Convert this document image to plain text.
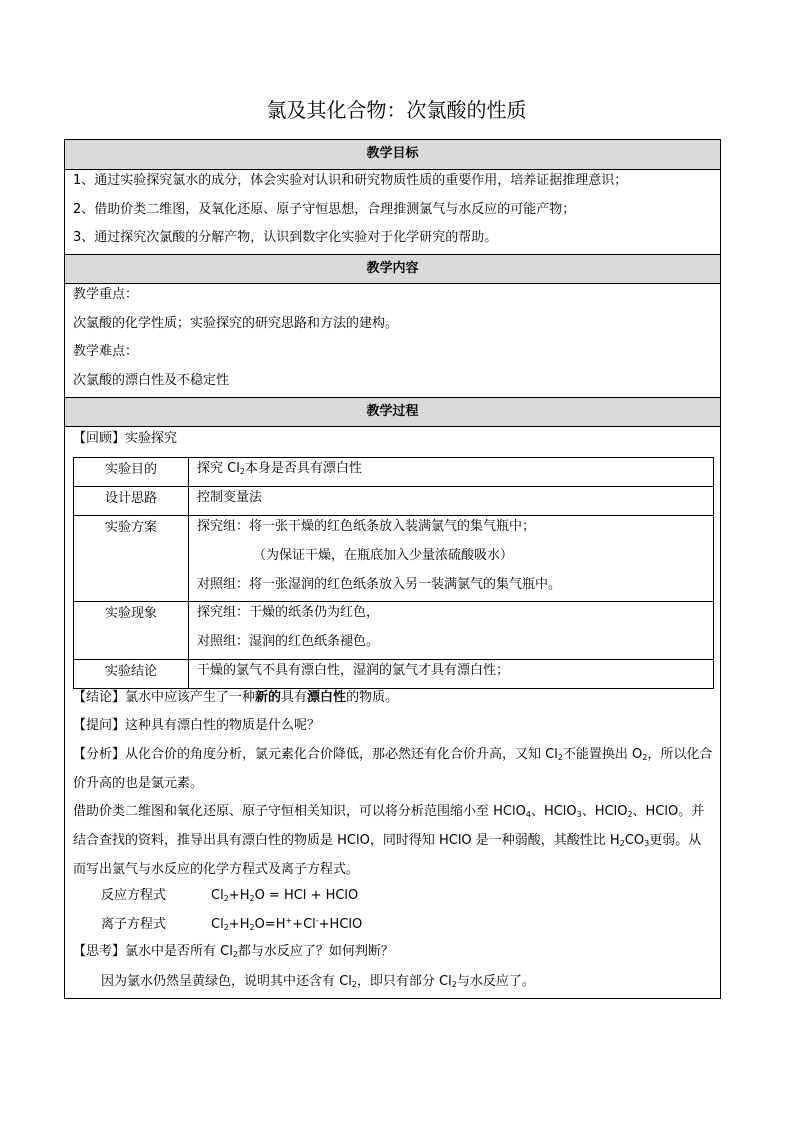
氯及其化合物：次氯酸的性质
教学目标
1、通过实验探究氯水的成分，体会实验对认识和研究物质性质的重要作用，培养证据推理意识；
2、借助价类二维图，及氧化还原、原子守恒思想，合理推测氯气与水反应的可能产物；
3、通过探究次氯酸的分解产物，认识到数字化实验对于化学研究的帮助。
教学内容
教学重点：
次氯酸的化学性质；实验探究的研究思路和方法的建构。
教学难点：
次氯酸的漂白性及不稳定性
教学过程
【回顾】实验探究
实验目的	探究 $Cl_2$本身是否具有漂白性
设计思路	控制变量法
实验方案	探究组：将一张干燥的红色纸条放入装满氯气的集气瓶中；
（为保证干燥，在瓶底加入少量浓硫酸吸水）
对照组：将一张湿润的红色纸条放入另一装满氯气的集气瓶中。
实验现象	探究组：干燥的纸条仍为红色，
对照组：湿润的红色纸条褪色。
实验结论	干燥的氯气不具有漂白性，湿润的氯气才具有漂白性；
【结论】氯水中应该产生了一种新的具有漂白性的物质。
【提问】这种具有漂白性的物质是什么呢？
【分析】从化合价的角度分析，氯元素化合价降低，那必然还有化合价升高，又知 $Cl_2$不能置换出 $O_2$，所以化合价升高的也是氯元素。
借助价类二维图和氧化还原、原子守恒相关知识，可以将分析范围缩小至 HClO$_4$、HClO$_3$、HClO$_2$、HClO。并结合查找的资料，推导出具有漂白性的物质是 HClO，同时得知 HClO 是一种弱酸，其酸性比 $H_2CO_3$更弱。从而写出氯气与水反应的化学方程式及离子方程式。
反应方程式	$Cl_2+H_2O$ = HCl + HClO
离子方程式	$Cl_2+H_2O=H^++Cl^-+HClO$
【思考】氯水中是否所有 $Cl_2$都与水反应了？如何判断？
因为氯水仍然呈黄绿色，说明其中还含有 $Cl_2$，即只有部分 $Cl_2$与水反应了。
